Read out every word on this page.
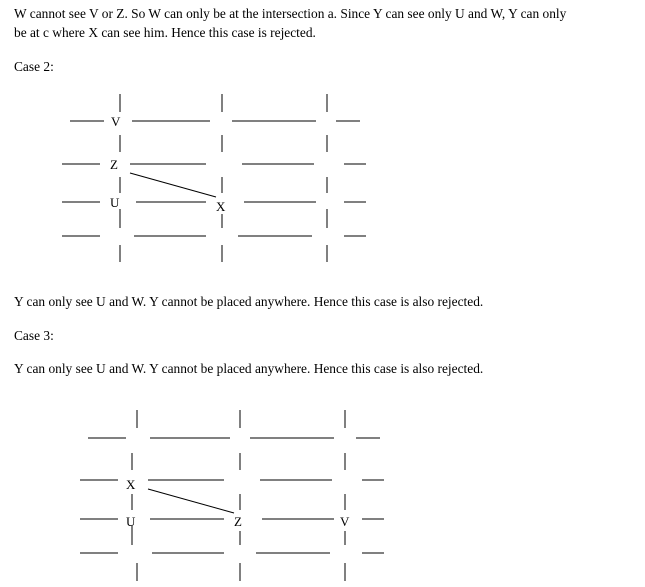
W cannot see V or Z. So W can only be at the intersection a. Since Y can see only U and W, Y can only
be at c where X can see him. Hence this case is rejected.
Case 2:
V
Z
U	X
Y can only see U and W. Y cannot be placed anywhere. Hence this case is also rejected.
Case 3:
Y can only see U and W. Y cannot be placed anywhere. Hence this case is also rejected.
X
U	Z	V
